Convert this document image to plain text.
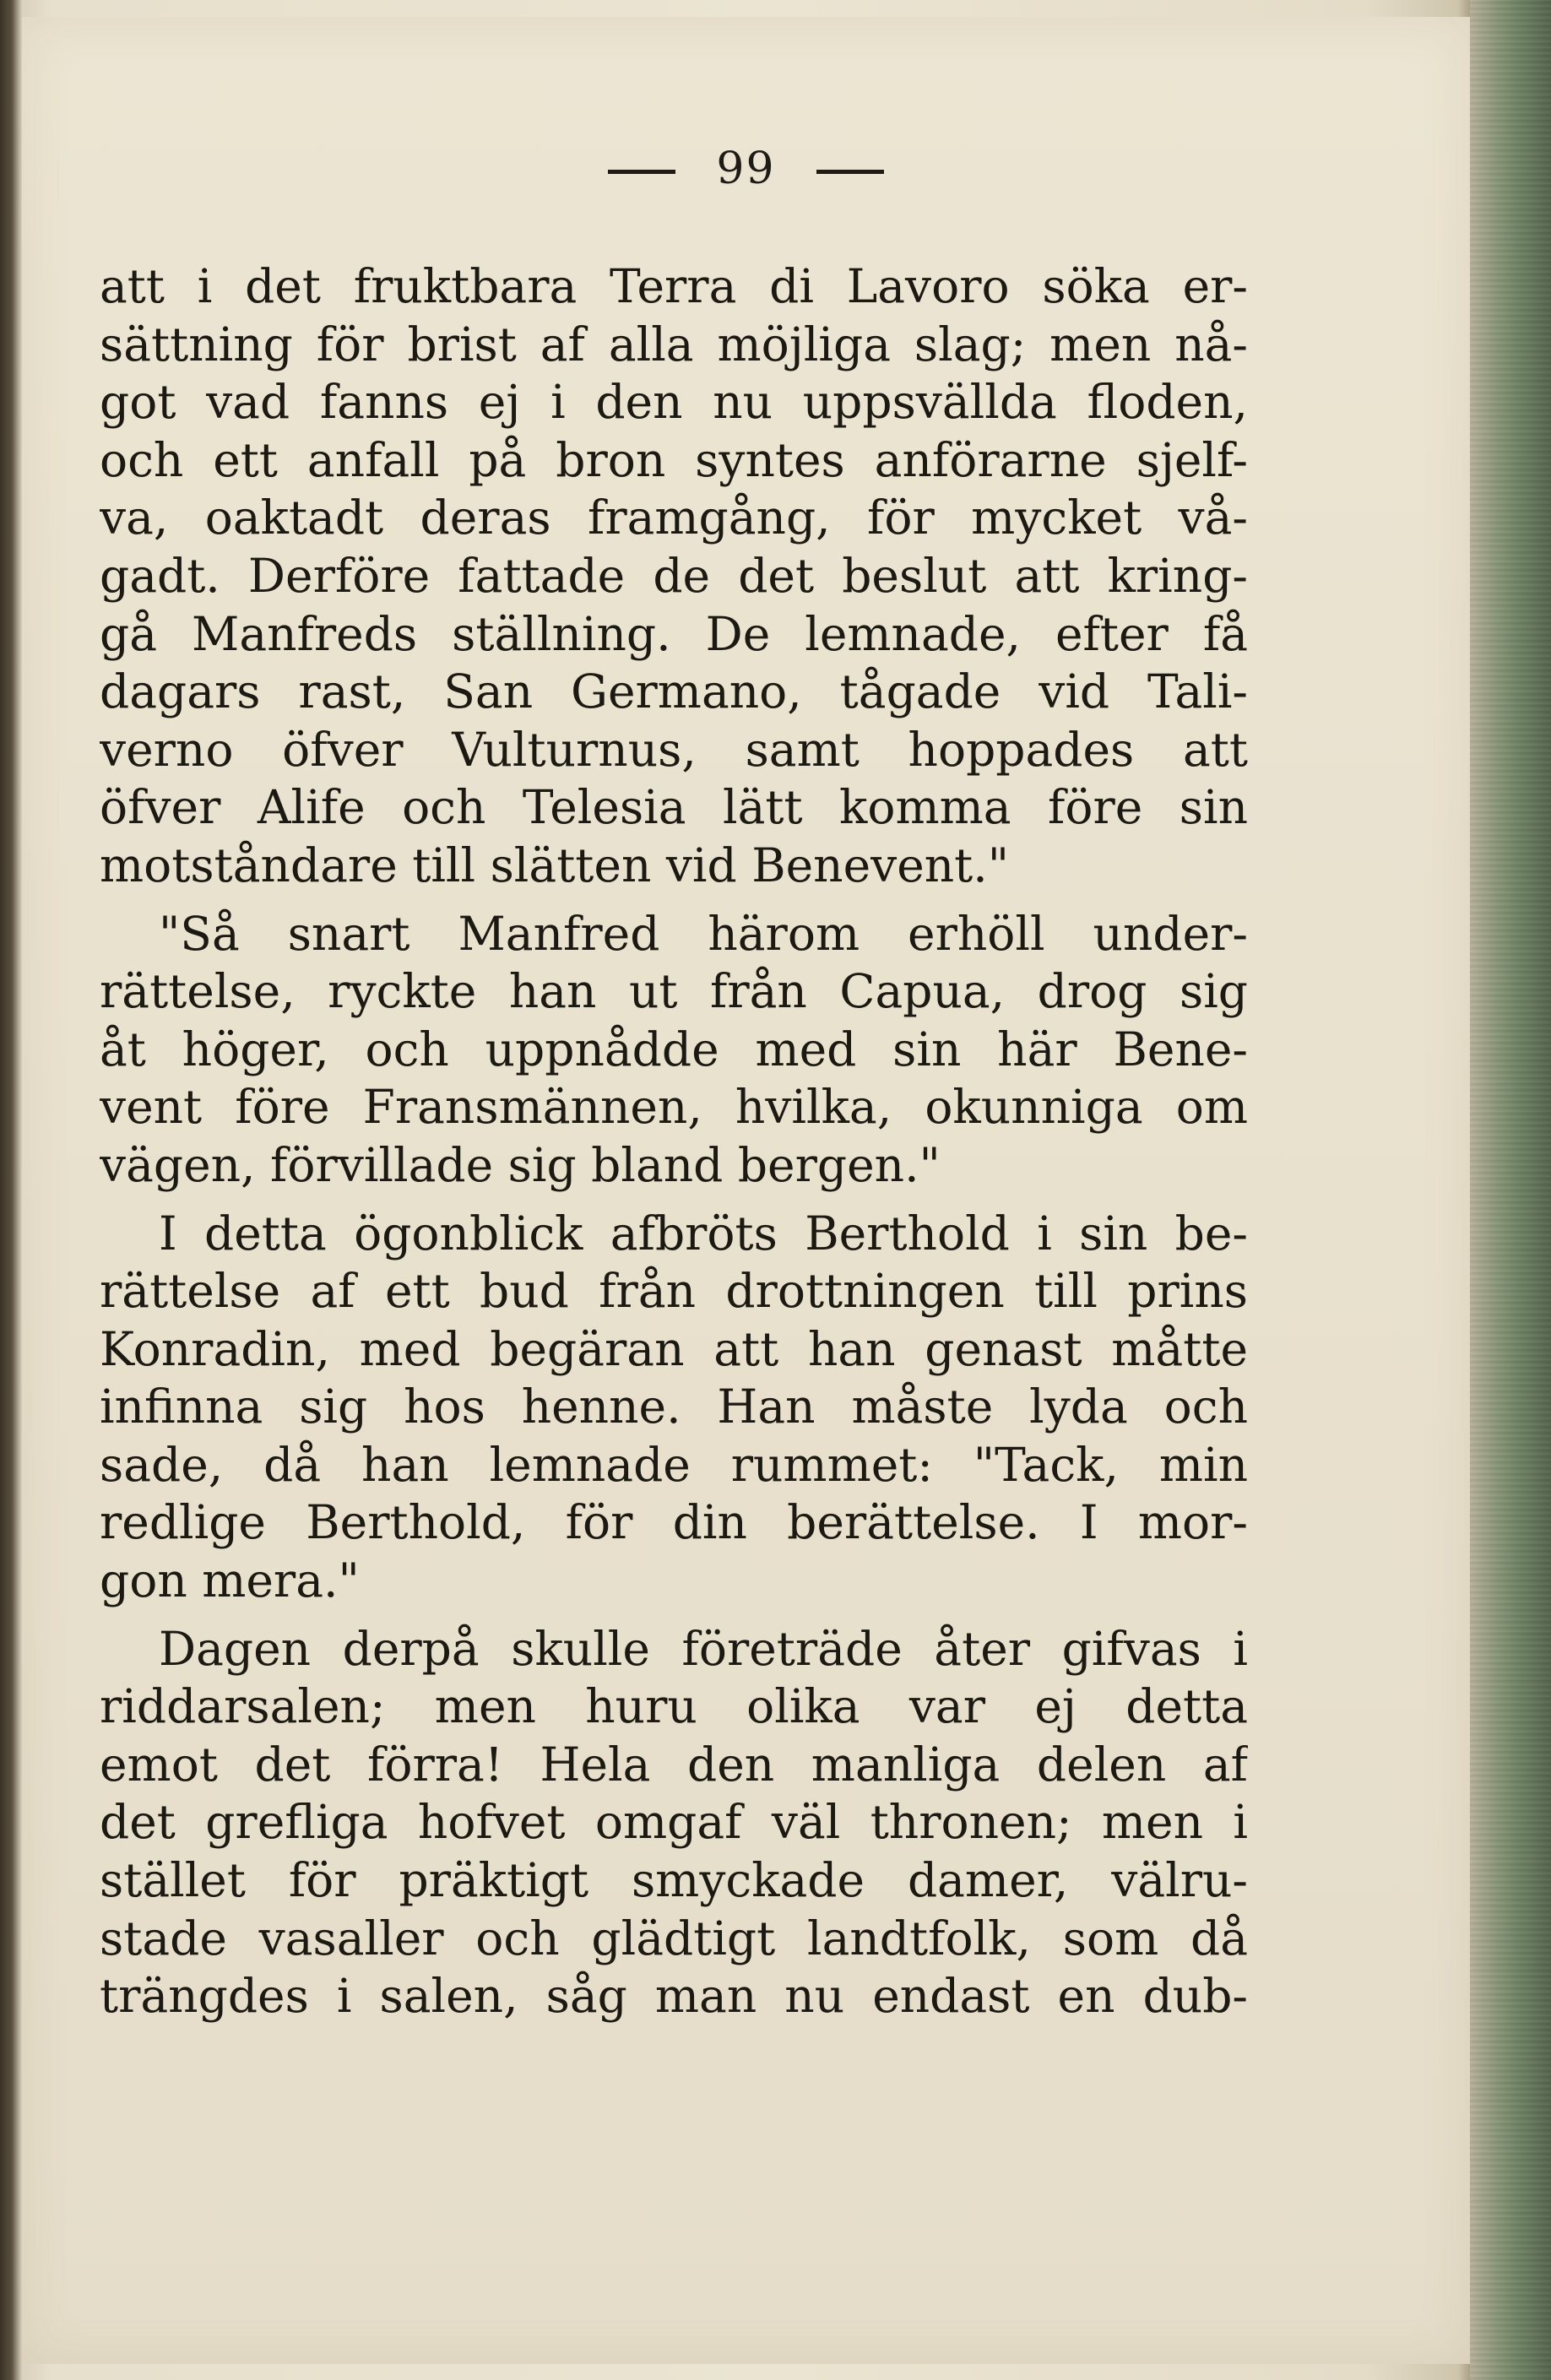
99
att i det fruktbara Terra di Lavoro söka er-
sättning för brist af alla möjliga slag; men nå-
got vad fanns ej i den nu uppsvällda floden,
och ett anfall på bron syntes anförarne sjelf-
va, oaktadt deras framgång, för mycket vå-
gadt. Derföre fattade de det beslut att kring-
gå Manfreds ställning. De lemnade, efter få
dagars rast, San Germano, tågade vid Tali-
verno öfver Vulturnus, samt hoppades att
öfver Alife och Telesia lätt komma före sin
motståndare till slätten vid Benevent."
"Så snart Manfred härom erhöll under-
rättelse, ryckte han ut från Capua, drog sig
åt höger, och uppnådde med sin här Bene-
vent före Fransmännen, hvilka, okunniga om
vägen, förvillade sig bland bergen."
I detta ögonblick afbröts Berthold i sin be-
rättelse af ett bud från drottningen till prins
Konradin, med begäran att han genast måtte
infinna sig hos henne. Han måste lyda och
sade, då han lemnade rummet: "Tack, min
redlige Berthold, för din berättelse. I mor-
gon mera."
Dagen derpå skulle företräde åter gifvas i
riddarsalen; men huru olika var ej detta
emot det förra! Hela den manliga delen af
det grefliga hofvet omgaf väl thronen; men i
stället för präktigt smyckade damer, välru-
stade vasaller och glädtigt landtfolk, som då
trängdes i salen, såg man nu endast en dub-
